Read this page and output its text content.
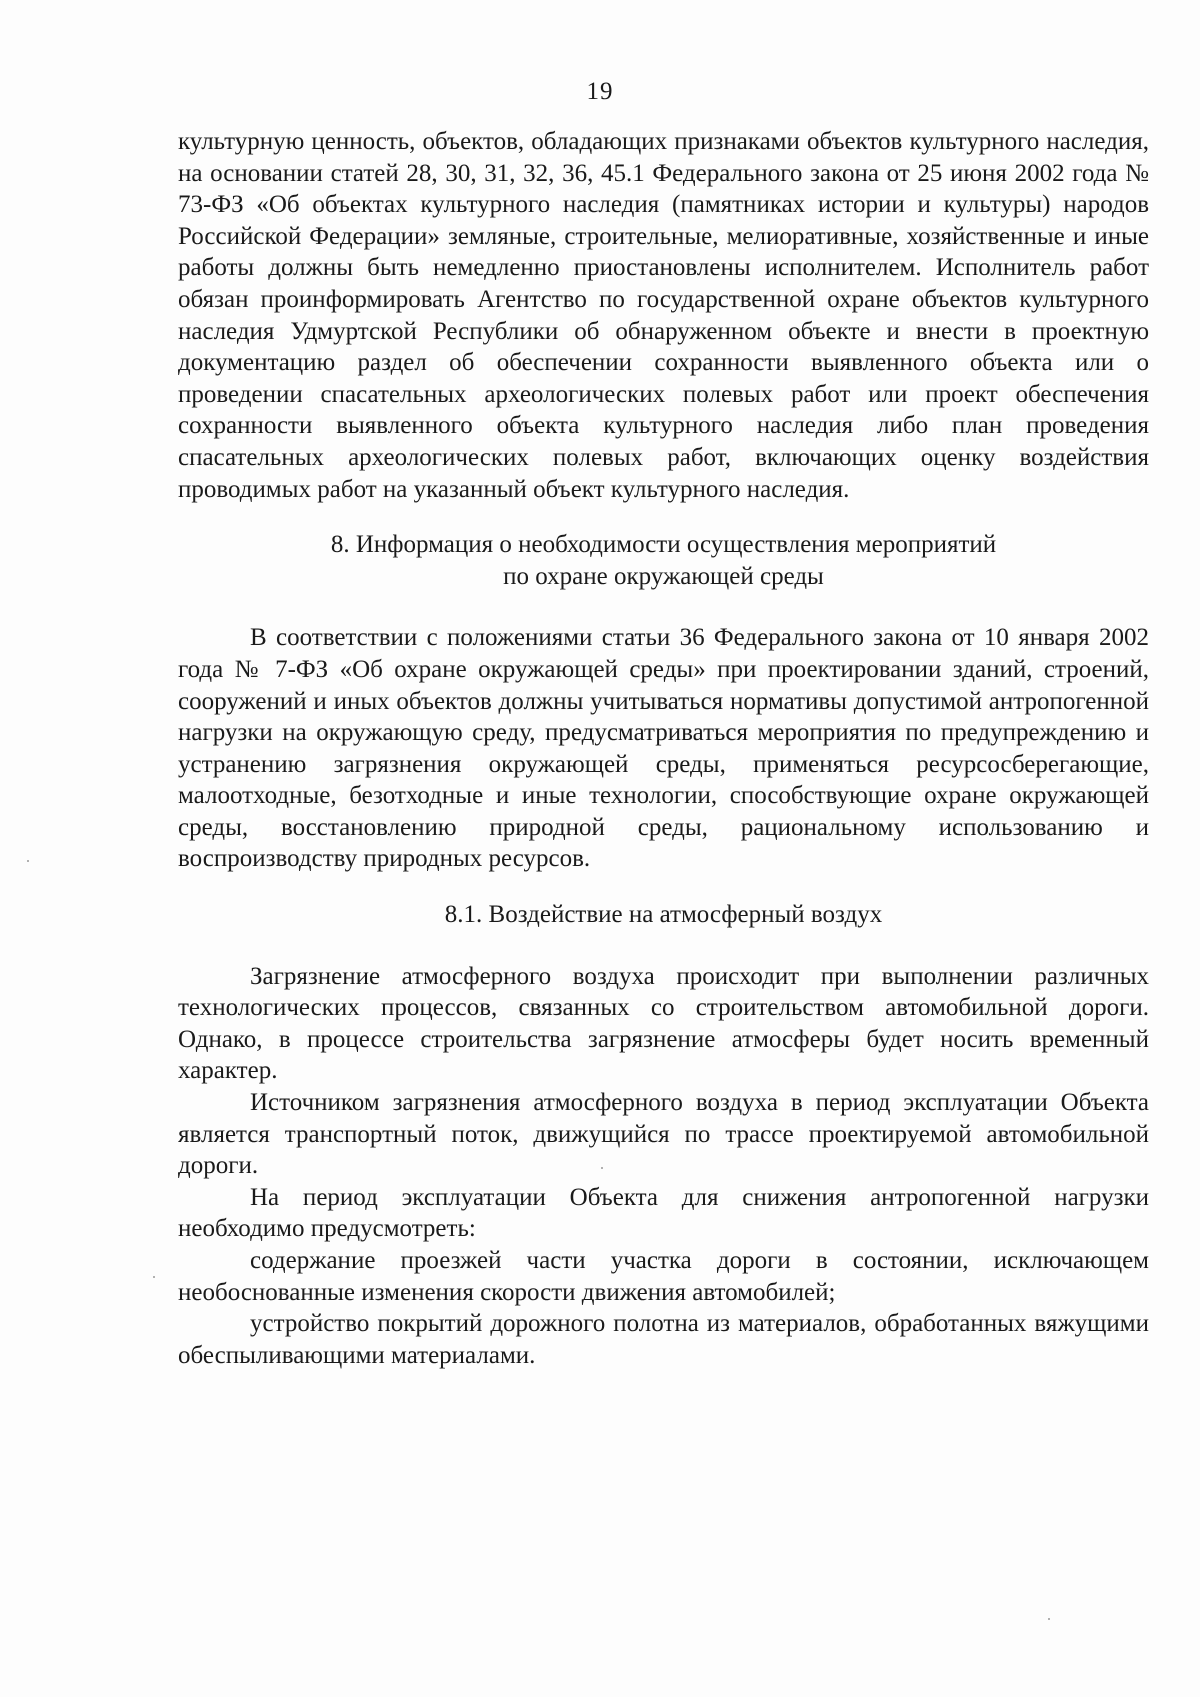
19

культурную ценность, объектов, обладающих признаками объектов культурного наследия, на основании статей 28, 30, 31, 32, 36, 45.1 Федерального закона от 25 июня 2002 года № 73-ФЗ «Об объектах культурного наследия (памятниках истории и культуры) народов Российской Федерации» земляные, строительные, мелиоративные, хозяйственные и иные работы должны быть немедленно приостановлены исполнителем. Исполнитель работ обязан проинформировать Агентство по государственной охране объектов культурного наследия Удмуртской Республики об обнаруженном объекте и внести в проектную документацию раздел об обеспечении сохранности выявленного объекта или о проведении спасательных археологических полевых работ или проект обеспечения сохранности выявленного объекта культурного наследия либо план проведения спасательных археологических полевых работ, включающих оценку воздействия проводимых работ на указанный объект культурного наследия.

8. Информация о необходимости осуществления мероприятий
по охране окружающей среды

В соответствии с положениями статьи 36 Федерального закона от 10 января 2002 года № 7-ФЗ «Об охране окружающей среды» при проектировании зданий, строений, сооружений и иных объектов должны учитываться нормативы допустимой антропогенной нагрузки на окружающую среду, предусматриваться мероприятия по предупреждению и устранению загрязнения окружающей среды, применяться ресурсосберегающие, малоотходные, безотходные и иные технологии, способствующие охране окружающей среды, восстановлению природной среды, рациональному использованию и воспроизводству природных ресурсов.

8.1. Воздействие на атмосферный воздух

Загрязнение атмосферного воздуха происходит при выполнении различных технологических процессов, связанных со строительством автомобильной дороги. Однако, в процессе строительства загрязнение атмосферы будет носить временный характер.

Источником загрязнения атмосферного воздуха в период эксплуатации Объекта является транспортный поток, движущийся по трассе проектируемой автомобильной дороги.

На период эксплуатации Объекта для снижения антропогенной нагрузки необходимо предусмотреть:

содержание проезжей части участка дороги в состоянии, исключающем необоснованные изменения скорости движения автомобилей;

устройство покрытий дорожного полотна из материалов, обработанных вяжущими обеспыливающими материалами.
